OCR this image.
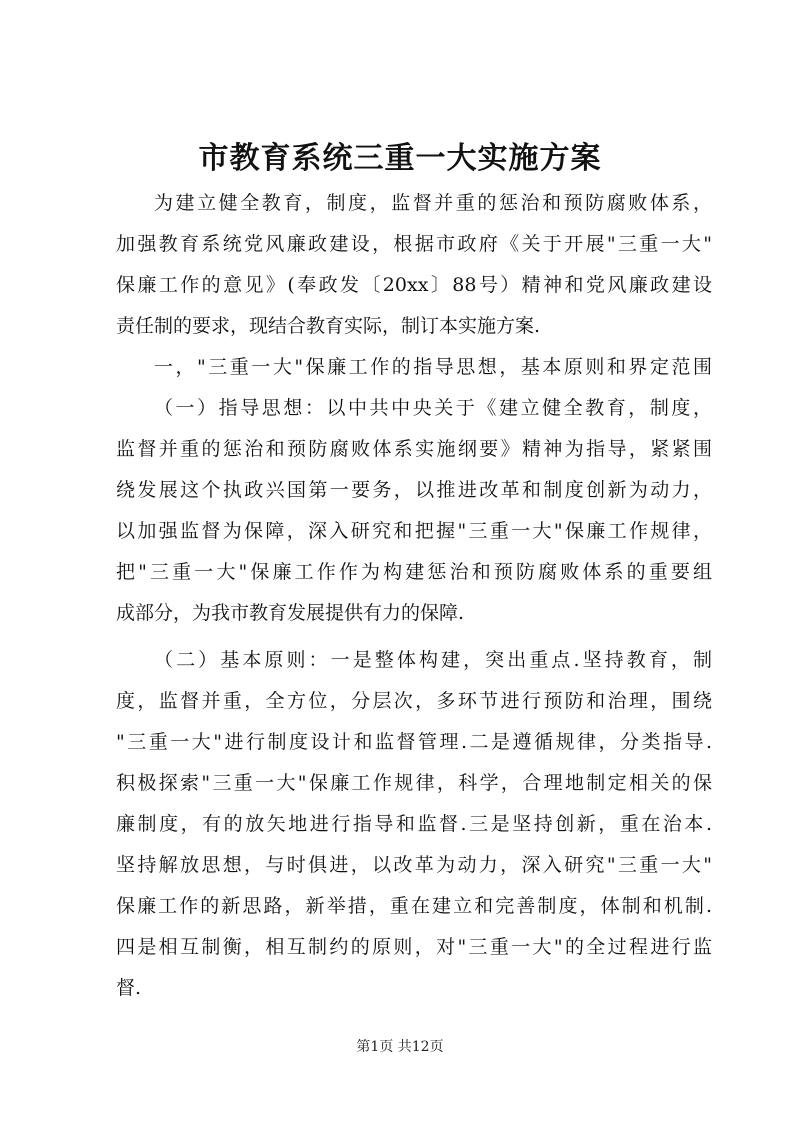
市教育系统三重一大实施方案
为建立健全教育，制度，监督并重的惩治和预防腐败体系，
加强教育系统党风廉政建设，根据市政府《关于开展"三重一大"
保廉工作的意见》(奉政发〔20xx〕88号）精神和党风廉政建设
责任制的要求，现结合教育实际，制订本实施方案.
一，"三重一大"保廉工作的指导思想，基本原则和界定范围
（一）指导思想：以中共中央关于《建立健全教育，制度，
监督并重的惩治和预防腐败体系实施纲要》精神为指导，紧紧围
绕发展这个执政兴国第一要务，以推进改革和制度创新为动力，
以加强监督为保障，深入研究和把握"三重一大"保廉工作规律，
把"三重一大"保廉工作作为构建惩治和预防腐败体系的重要组
成部分，为我市教育发展提供有力的保障.
（二）基本原则：一是整体构建，突出重点.坚持教育，制
度，监督并重，全方位，分层次，多环节进行预防和治理，围绕
"三重一大"进行制度设计和监督管理.二是遵循规律，分类指导.
积极探索"三重一大"保廉工作规律，科学，合理地制定相关的保
廉制度，有的放矢地进行指导和监督.三是坚持创新，重在治本.
坚持解放思想，与时俱进，以改革为动力，深入研究"三重一大"
保廉工作的新思路，新举措，重在建立和完善制度，体制和机制.
四是相互制衡，相互制约的原则，对"三重一大"的全过程进行监
督.
第1页 共12页
